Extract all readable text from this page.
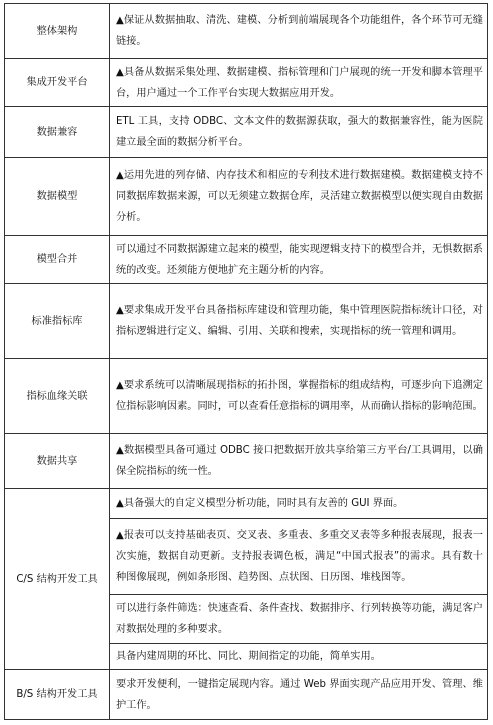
整体架构	▲保证从数据抽取、清洗、建模、分析到前端展现各个功能组件，各个环节可无缝链接。
集成开发平台	▲具备从数据采集处理、数据建模、指标管理和门户展现的统一开发和脚本管理平台，用户通过一个工作平台实现大数据应用开发。
数据兼容	ETL 工具，支持 ODBC、文本文件的数据源获取，强大的数据兼容性，能为医院建立最全面的数据分析平台。
数据模型	▲运用先进的列存储、内存技术和相应的专利技术进行数据建模。数据建模支持不同数据库数据来源，可以无须建立数据仓库，灵活建立数据模型以便实现自由数据分析。
模型合并	可以通过不同数据源建立起来的模型，能实现逻辑支持下的模型合并，无惧数据系统的改变。还须能方便地扩充主题分析的内容。
标准指标库	▲要求集成开发平台具备指标库建设和管理功能，集中管理医院指标统计口径，对指标逻辑进行定义、编辑、引用、关联和搜索，实现指标的统一管理和调用。
指标血缘关联	▲要求系统可以清晰展现指标的拓扑图，掌握指标的组成结构，可逐步向下追溯定位指标影响因素。同时，可以查看任意指标的调用率，从而确认指标的影响范围。
数据共享	▲数据模型具备可通过 ODBC 接口把数据开放共享给第三方平台/工具调用，以确保全院指标的统一性。
C/S 结构开发工具	▲具备强大的自定义模型分析功能，同时具有友善的 GUI 界面。
	▲报表可以支持基础表页、交叉表、多重表、多重交叉表等多种报表展现，报表一次实施，数据自动更新。支持报表调色板，满足“中国式报表”的需求。具有数十种图像展现，例如条形图、趋势图、点状图、日历图、堆栈图等。
	可以进行条件筛选：快速查看、条件查找、数据排序、行列转换等功能，满足客户对数据处理的多种要求。
	具备内建周期的环比、同比、期间指定的功能，简单实用。
B/S 结构开发工具	要求开发便利，一键指定展现内容。通过 Web 界面实现产品应用开发、管理、维护工作。
